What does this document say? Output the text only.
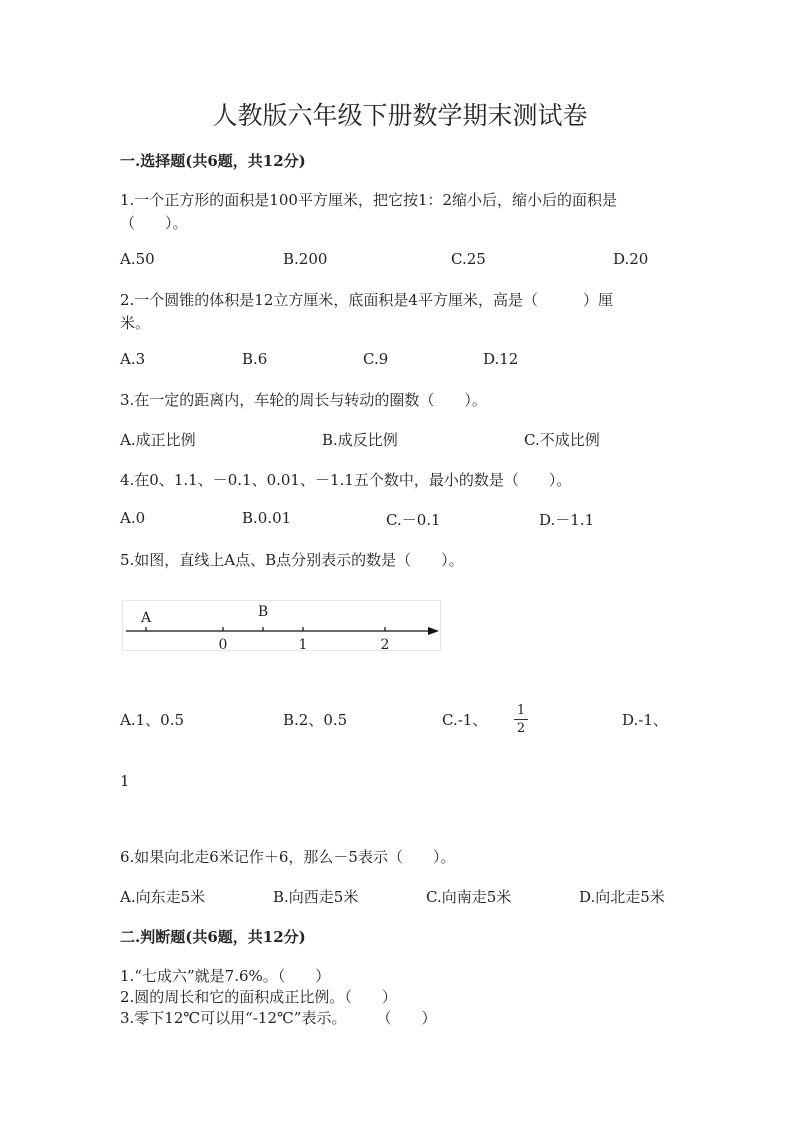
人教版六年级下册数学期末测试卷
一.选择题(共6题，共12分)
1.一个正方形的面积是100平方厘米，把它按1：2缩小后，缩小后的面积是
（　　）。
A.50	B.200	C.25	D.20
2.一个圆锥的体积是12立方厘米，底面积是4平方厘米，高是（　　　）厘
米。
A.3	B.6	C.9	D.12
3.在一定的距离内，车轮的周长与转动的圈数（　　）。
A.成正比例	B.成反比例	C.不成比例
4.在0、1.1、－0.1、0.01、－1.1五个数中，最小的数是（　　）。
A.0	B.0.01	C.－0.1	D.－1.1
5.如图，直线上A点、B点分别表示的数是（　　）。
A	B
0	1	2
A.1、0.5	B.2、0.5	C.-1、
1
2	D.-1、
1
6.如果向北走6米记作＋6，那么－5表示（　　）。
A.向东走5米	B.向西走5米	C.向南走5米	D.向北走5米
二.判断题(共6题，共12分)
1.“七成六”就是7.6%。（　　）
2.圆的周长和它的面积成正比例。（　　）
3.零下12℃可以用“-12℃”表示。　　　（　　）
